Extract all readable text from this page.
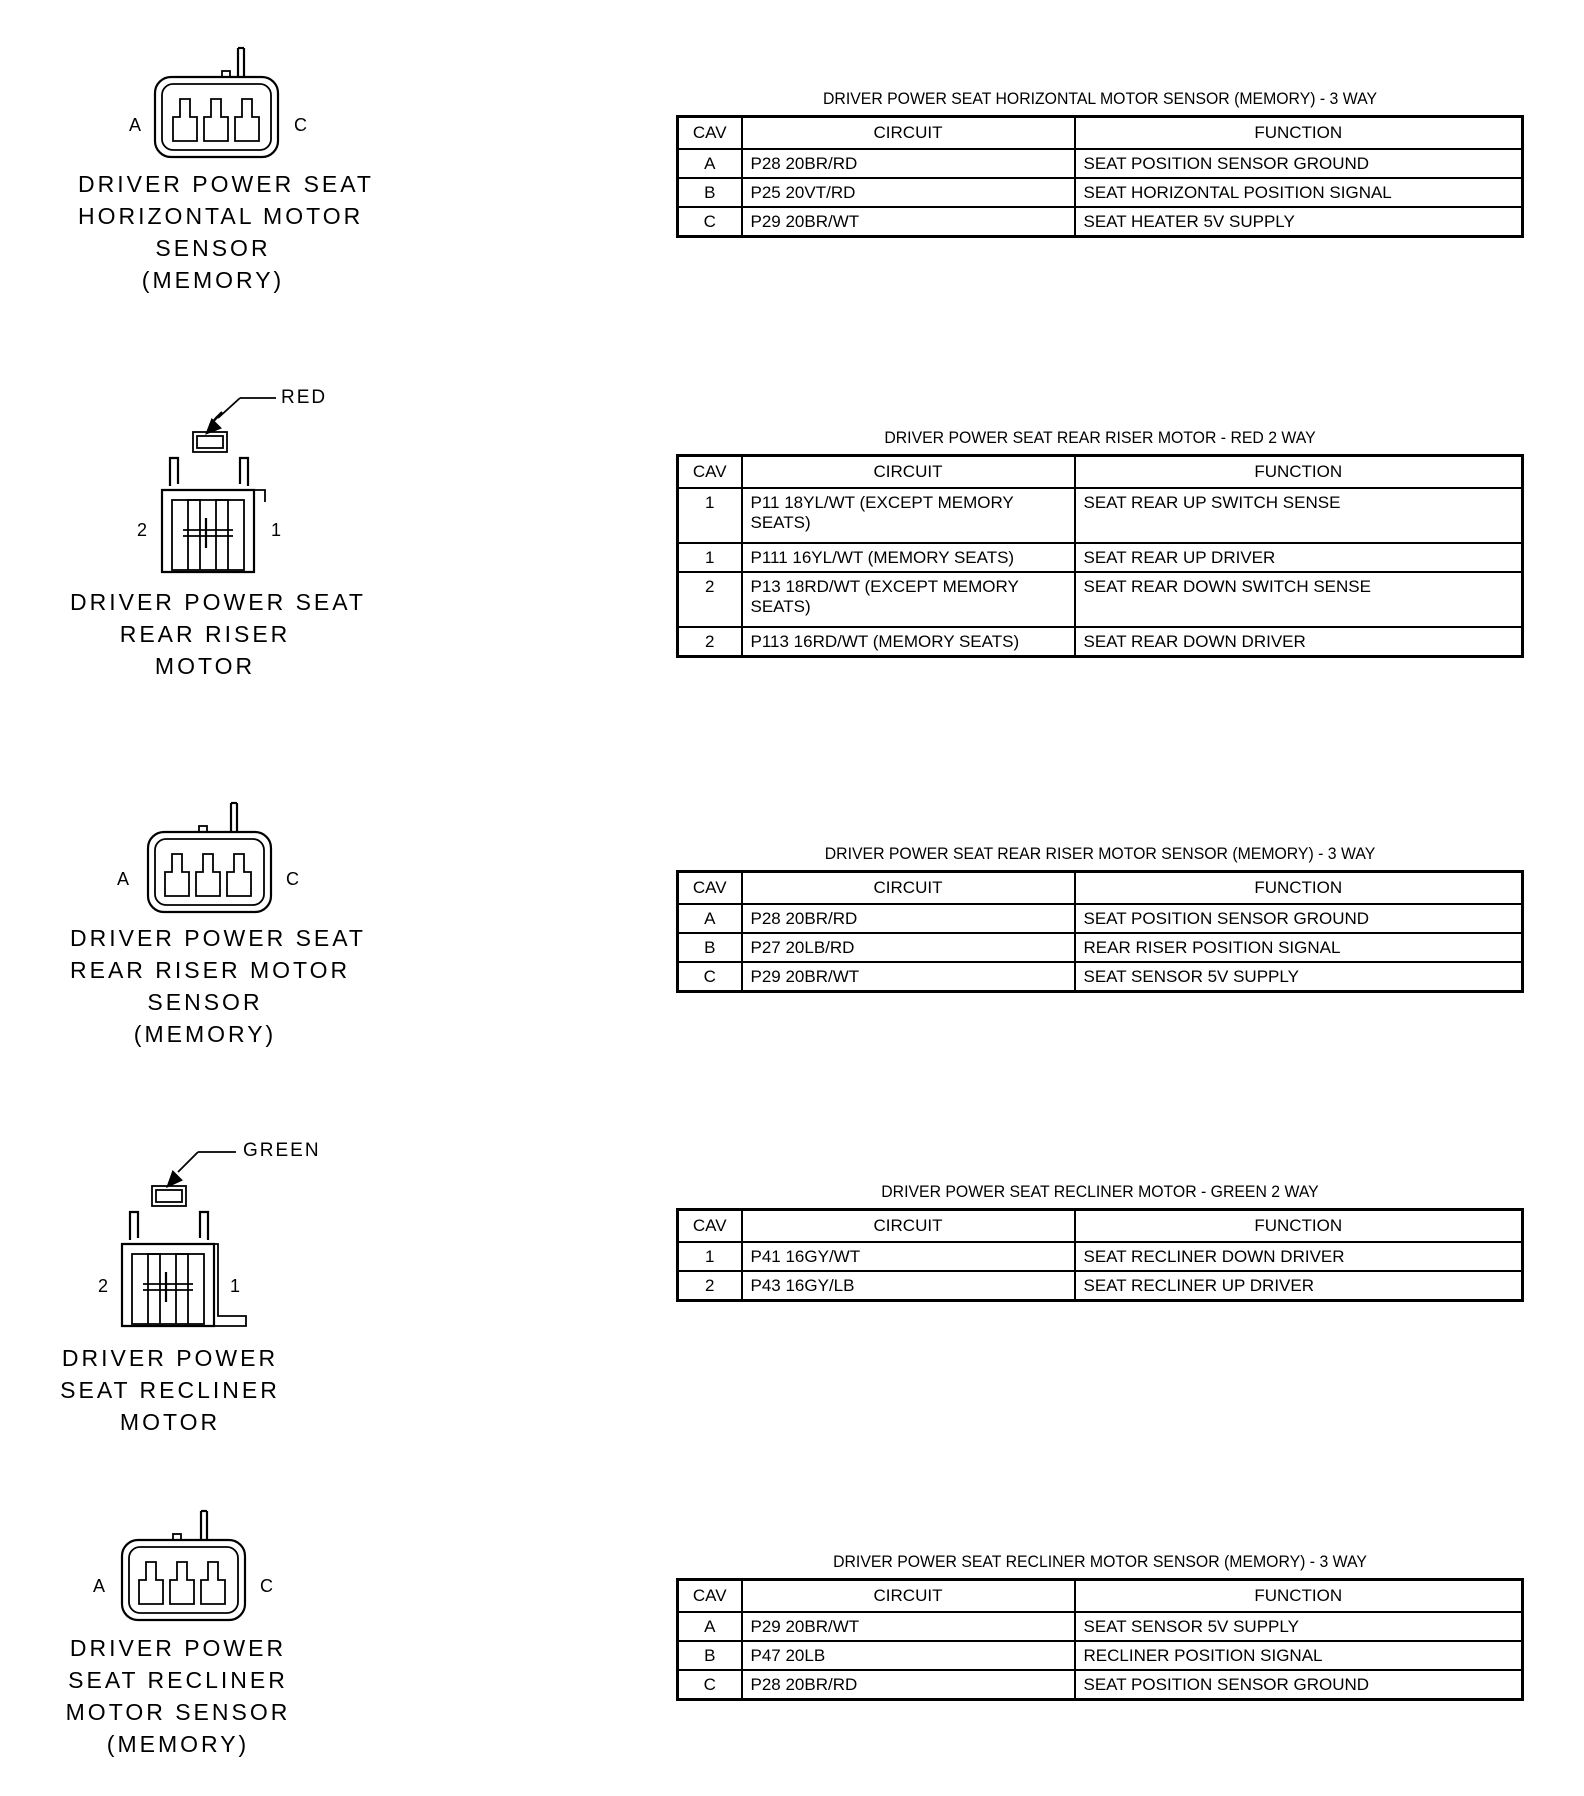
A	C
DRIVER POWER SEAT
HORIZONTAL MOTOR
SENSOR
(MEMORY)
RED
2	1
DRIVER POWER SEAT
REAR RISER
MOTOR
A	C
DRIVER POWER SEAT
REAR RISER MOTOR
SENSOR
(MEMORY)
GREEN
2	1
DRIVER POWER
SEAT RECLINER
MOTOR
A	C
DRIVER POWER
SEAT RECLINER
MOTOR SENSOR
(MEMORY)
DRIVER POWER SEAT HORIZONTAL MOTOR SENSOR (MEMORY) - 3 WAY
CAV	CIRCUIT	FUNCTION
A	P28 20BR/RD	SEAT POSITION SENSOR GROUND
B	P25 20VT/RD	SEAT HORIZONTAL POSITION SIGNAL
C	P29 20BR/WT	SEAT HEATER 5V SUPPLY
DRIVER POWER SEAT REAR RISER MOTOR - RED 2 WAY
CAV	CIRCUIT	FUNCTION
1	P11 18YL/WT (EXCEPT MEMORY SEATS)	SEAT REAR UP SWITCH SENSE
1	P111 16YL/WT (MEMORY SEATS)	SEAT REAR UP DRIVER
2	P13 18RD/WT (EXCEPT MEMORY SEATS)	SEAT REAR DOWN SWITCH SENSE
2	P113 16RD/WT (MEMORY SEATS)	SEAT REAR DOWN DRIVER
DRIVER POWER SEAT REAR RISER MOTOR SENSOR (MEMORY) - 3 WAY
CAV	CIRCUIT	FUNCTION
A	P28 20BR/RD	SEAT POSITION SENSOR GROUND
B	P27 20LB/RD	REAR RISER POSITION SIGNAL
C	P29 20BR/WT	SEAT SENSOR 5V SUPPLY
DRIVER POWER SEAT RECLINER MOTOR - GREEN 2 WAY
CAV	CIRCUIT	FUNCTION
1	P41 16GY/WT	SEAT RECLINER DOWN DRIVER
2	P43 16GY/LB	SEAT RECLINER UP DRIVER
DRIVER POWER SEAT RECLINER MOTOR SENSOR (MEMORY) - 3 WAY
CAV	CIRCUIT	FUNCTION
A	P29 20BR/WT	SEAT SENSOR 5V SUPPLY
B	P47 20LB	RECLINER POSITION SIGNAL
C	P28 20BR/RD	SEAT POSITION SENSOR GROUND
